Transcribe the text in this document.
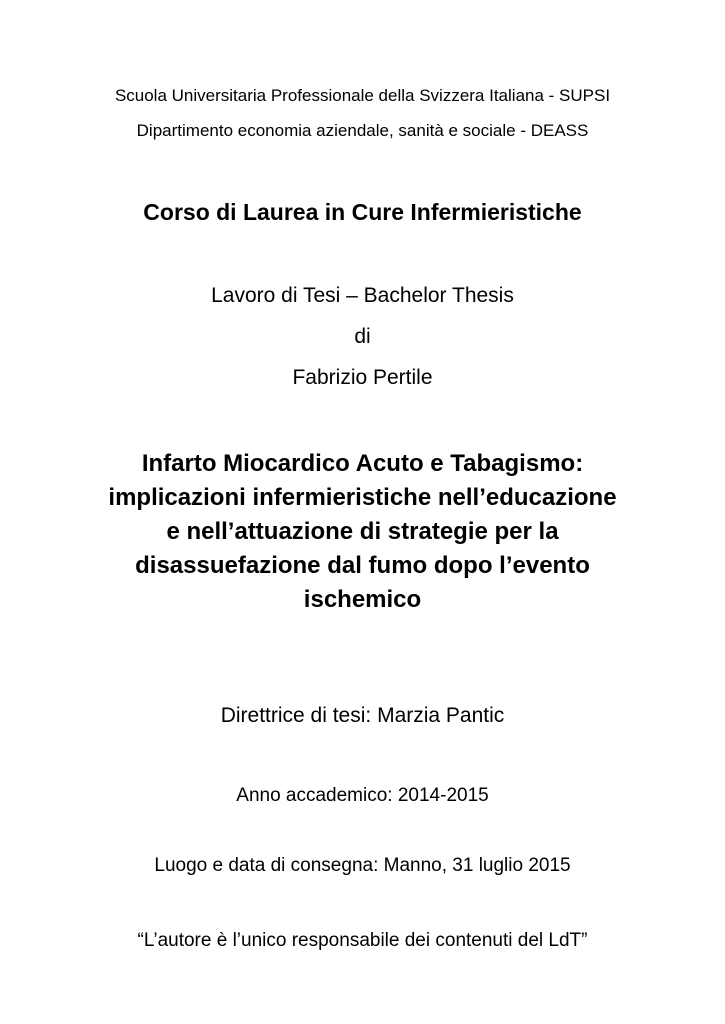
Scuola Universitaria Professionale della Svizzera Italiana - SUPSI

Dipartimento economia aziendale, sanità e sociale - DEASS

Corso di Laurea in Cure Infermieristiche

Lavoro di Tesi – Bachelor Thesis

di

Fabrizio Pertile

Infarto Miocardico Acuto e Tabagismo:
implicazioni infermieristiche nell’educazione
e nell’attuazione di strategie per la
disassuefazione dal fumo dopo l’evento
ischemico

Direttrice di tesi: Marzia Pantic

Anno accademico: 2014-2015

Luogo e data di consegna: Manno, 31 luglio 2015

“L’autore è l’unico responsabile dei contenuti del LdT”
